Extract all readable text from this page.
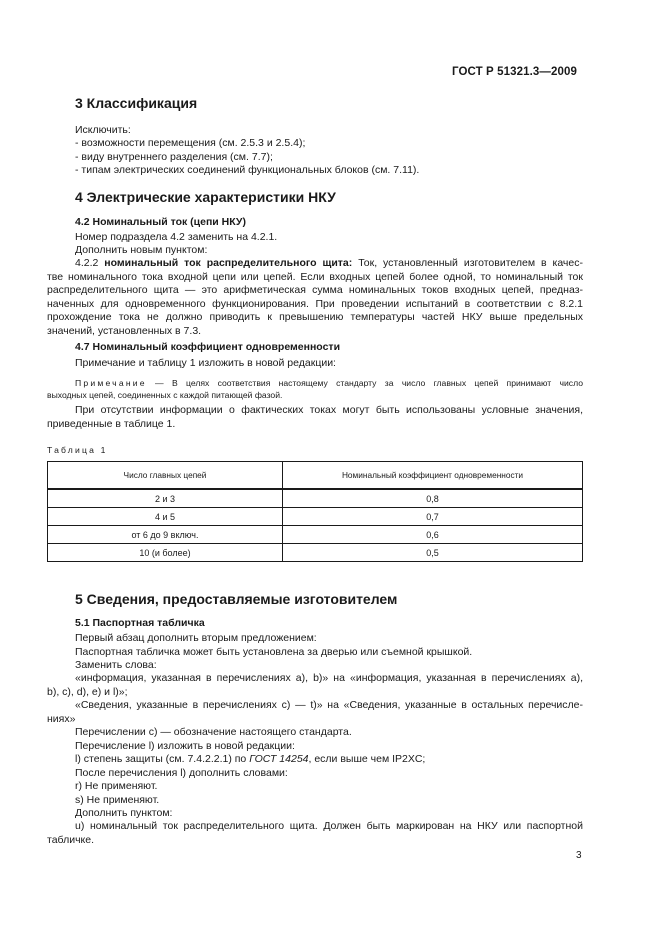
ГОСТ Р 51321.3—2009
3 Классификация
Исключить:
- возможности перемещения (см. 2.5.3 и 2.5.4);
- виду внутреннего разделения (см. 7.7);
- типам электрических соединений функциональных блоков (см. 7.11).
4 Электрические характеристики НКУ
4.2 Номинальный ток (цепи НКУ)
Номер подраздела 4.2 заменить на 4.2.1.
Дополнить новым пунктом:
4.2.2 номинальный ток распределительного щита: Ток, установленный изготовителем в качес-
тве номинального тока входной цепи или цепей. Если входных цепей более одной, то номинальный ток
распределительного щита — это арифметическая сумма номинальных токов входных цепей, предназ-
наченных для одновременного функционирования. При проведении испытаний в соответствии с 8.2.1
прохождение тока не должно приводить к превышению температуры частей НКУ выше предельных
значений, установленных в 7.3.
4.7 Номинальный коэффициент одновременности
Примечание и таблицу 1 изложить в новой редакции:
Примечание — В целях соответствия настоящему стандарту за число главных цепей принимают число
выходных цепей, соединенных с каждой питающей фазой.
При отсутствии информации о фактических токах могут быть использованы условные значения,
приведенные в таблице 1.
Таблица 1
Число главных цепей	Номинальный коэффициент одновременности
2 и 3	0,8
4 и 5	0,7
от 6 до 9 включ.	0,6
10 (и более)	0,5
5 Сведения, предоставляемые изготовителем
5.1 Паспортная табличка
Первый абзац дополнить вторым предложением:
Паспортная табличка может быть установлена за дверью или съемной крышкой.
Заменить слова:
«информация, указанная в перечислениях а), b)» на «информация, указанная в перечислениях а),
b), с), d), е) и l)»;
«Сведения, указанные в перечислениях с) — t)» на «Сведения, указанные в остальных перечисле-
ниях»
Перечислении с) — обозначение настоящего стандарта.
Перечисление l) изложить в новой редакции:
l) степень защиты (см. 7.4.2.2.1) по ГОСТ 14254, если выше чем IP2XC;
После перечисления l) дополнить словами:
r) Не применяют.
s) Не применяют.
Дополнить пунктом:
u) номинальный ток распределительного щита. Должен быть маркирован на НКУ или паспортной
табличке.
3
